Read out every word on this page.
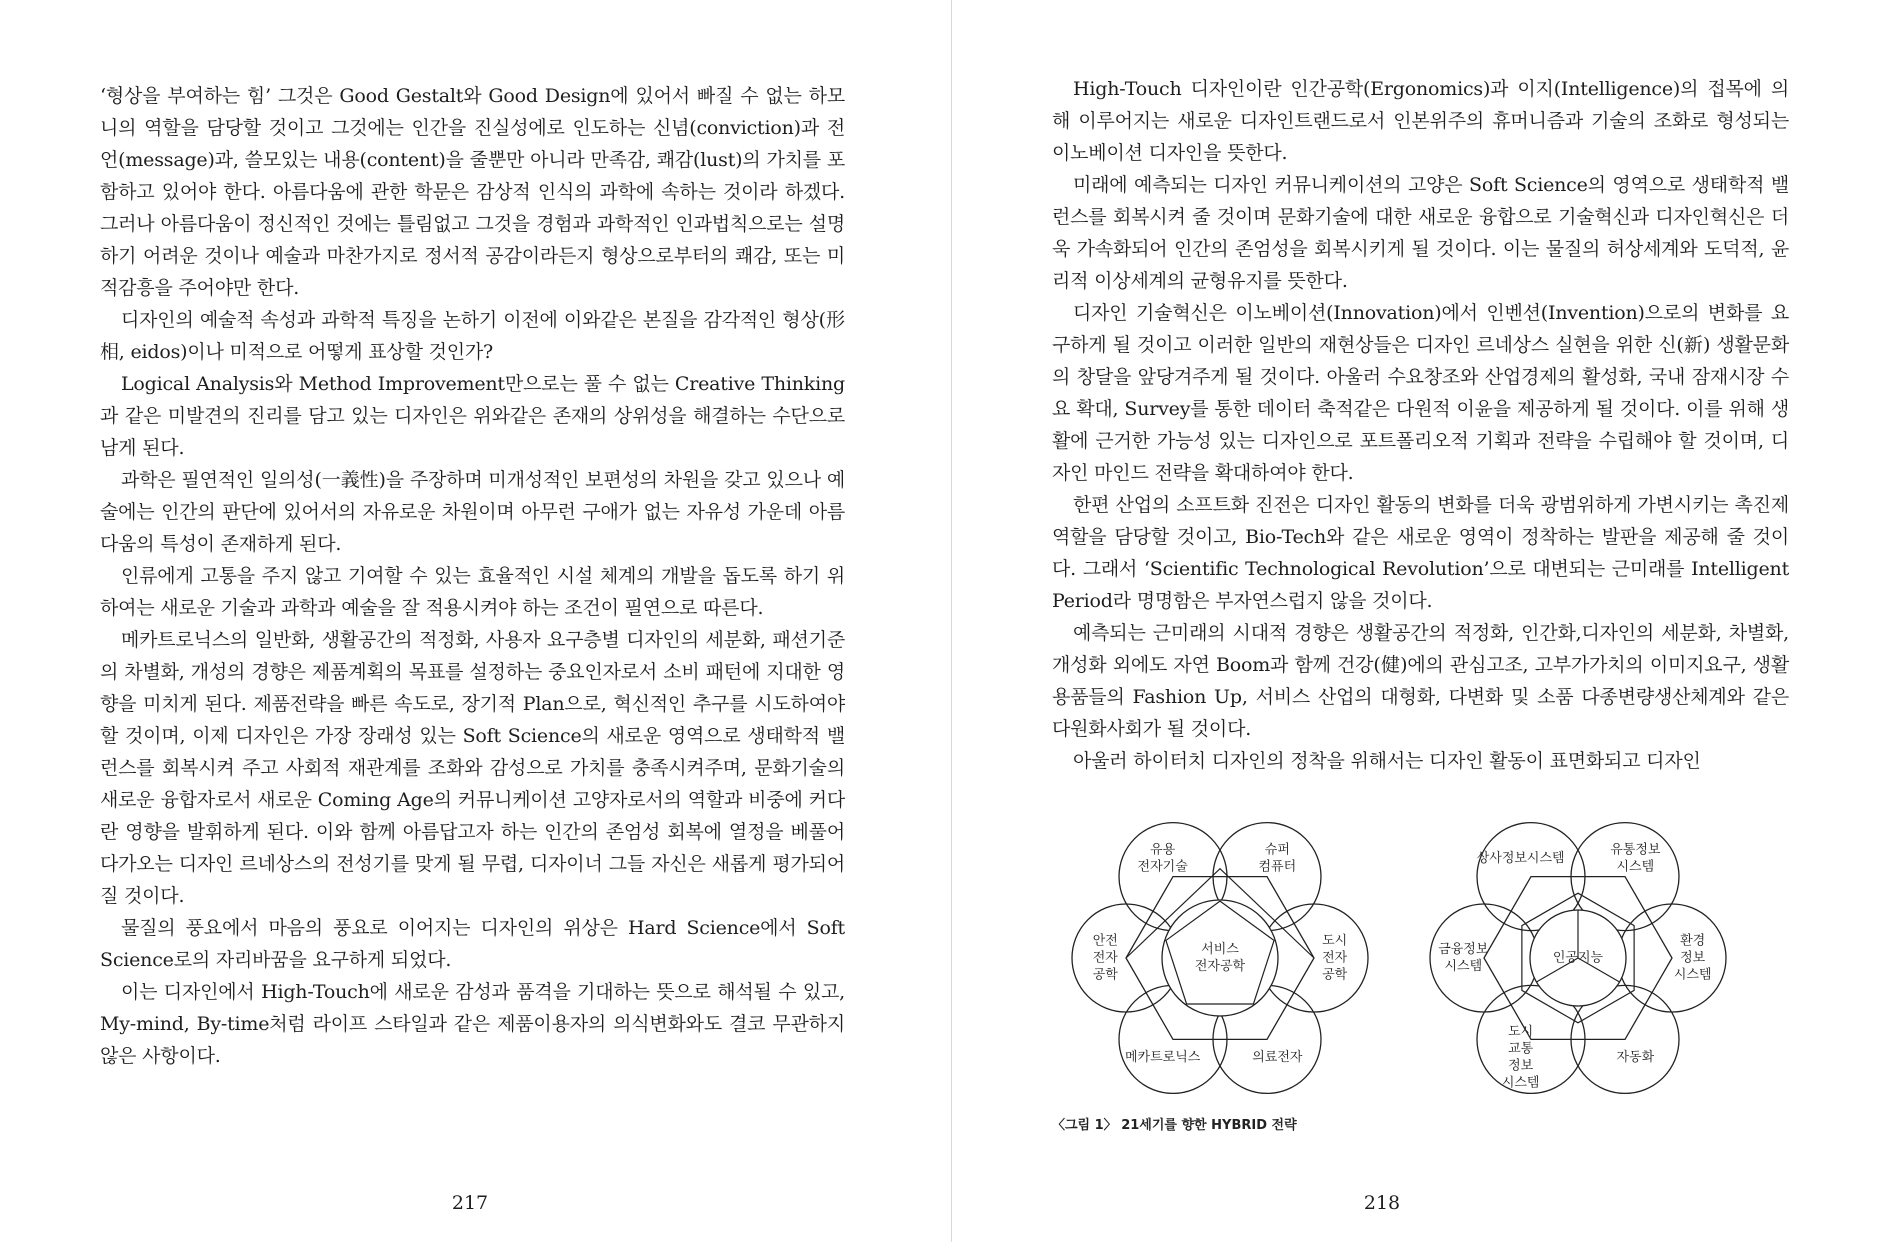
‘형상을 부여하는 힘’ 그것은 Good Gestalt와 Good Design에 있어서 빠질 수 없는 하모니의 역할을 담당할 것이고 그것에는 인간을 진실성에로 인도하는 신념(conviction)과 전언(message)과, 쓸모있는 내용(content)을 줄뿐만 아니라 만족감, 쾌감(lust)의 가치를 포함하고 있어야 한다. 아름다움에 관한 학문은 감상적 인식의 과학에 속하는 것이라 하겠다. 그러나 아름다움이 정신적인 것에는 틀림없고 그것을 경험과 과학적인 인과법칙으로는 설명하기 어려운 것이나 예술과 마찬가지로 정서적 공감이라든지 형상으로부터의 쾌감, 또는 미적감흥을 주어야만 한다.

디자인의 예술적 속성과 과학적 특징을 논하기 이전에 이와같은 본질을 감각적인 형상(形相, eidos)이나 미적으로 어떻게 표상할 것인가?

Logical Analysis와 Method Improvement만으로는 풀 수 없는 Creative Thinking과 같은 미발견의 진리를 담고 있는 디자인은 위와같은 존재의 상위성을 해결하는 수단으로 남게 된다.

과학은 필연적인 일의성(一義性)을 주장하며 미개성적인 보편성의 차원을 갖고 있으나 예술에는 인간의 판단에 있어서의 자유로운 차원이며 아무런 구애가 없는 자유성 가운데 아름다움의 특성이 존재하게 된다.

인류에게 고통을 주지 않고 기여할 수 있는 효율적인 시설 체계의 개발을 돕도록 하기 위하여는 새로운 기술과 과학과 예술을 잘 적용시켜야 하는 조건이 필연으로 따른다.

메카트로닉스의 일반화, 생활공간의 적정화, 사용자 요구층별 디자인의 세분화, 패션기준의 차별화, 개성의 경향은 제품계획의 목표를 설정하는 중요인자로서 소비 패턴에 지대한 영향을 미치게 된다. 제품전략을 빠른 속도로, 장기적 Plan으로, 혁신적인 추구를 시도하여야 할 것이며, 이제 디자인은 가장 장래성 있는 Soft Science의 새로운 영역으로 생태학적 밸런스를 회복시켜 주고 사회적 재관계를 조화와 감성으로 가치를 충족시켜주며, 문화기술의 새로운 융합자로서 새로운 Coming Age의 커뮤니케이션 고양자로서의 역할과 비중에 커다란 영향을 발휘하게 된다. 이와 함께 아름답고자 하는 인간의 존엄성 회복에 열정을 베풀어 다가오는 디자인 르네상스의 전성기를 맞게 될 무렵, 디자이너 그들 자신은 새롭게 평가되어질 것이다.

물질의 풍요에서 마음의 풍요로 이어지는 디자인의 위상은 Hard Science에서 Soft Science로의 자리바꿈을 요구하게 되었다.

이는 디자인에서 High-Touch에 새로운 감성과 품격을 기대하는 뜻으로 해석될 수 있고, My-mind, By-time처럼 라이프 스타일과 같은 제품이용자의 의식변화와도 결코 무관하지 않은 사항이다.

217

High-Touch 디자인이란 인간공학(Ergonomics)과 이지(Intelligence)의 접목에 의해 이루어지는 새로운 디자인트랜드로서 인본위주의 휴머니즘과 기술의 조화로 형성되는 이노베이션 디자인을 뜻한다.

미래에 예측되는 디자인 커뮤니케이션의 고양은 Soft Science의 영역으로 생태학적 밸런스를 회복시켜 줄 것이며 문화기술에 대한 새로운 융합으로 기술혁신과 디자인혁신은 더욱 가속화되어 인간의 존엄성을 회복시키게 될 것이다. 이는 물질의 허상세계와 도덕적, 윤리적 이상세계의 균형유지를 뜻한다.

디자인 기술혁신은 이노베이션(Innovation)에서 인벤션(Invention)으로의 변화를 요구하게 될 것이고 이러한 일반의 재현상들은 디자인 르네상스 실현을 위한 신(新) 생활문화의 창달을 앞당겨주게 될 것이다. 아울러 수요창조와 산업경제의 활성화, 국내 잠재시장 수요 확대, Survey를 통한 데이터 축적같은 다원적 이윤을 제공하게 될 것이다. 이를 위해 생활에 근거한 가능성 있는 디자인으로 포트폴리오적 기획과 전략을 수립해야 할 것이며, 디자인 마인드 전략을 확대하여야 한다.

한편 산업의 소프트화 진전은 디자인 활동의 변화를 더욱 광범위하게 가변시키는 촉진제 역할을 담당할 것이고, Bio-Tech와 같은 새로운 영역이 정착하는 발판을 제공해 줄 것이다. 그래서 ‘Scientific Technological Revolution’으로 대변되는 근미래를 Intelligent Period라 명명함은 부자연스럽지 않을 것이다.

예측되는 근미래의 시대적 경향은 생활공간의 적정화, 인간화,디자인의 세분화, 차별화,개성화 외에도 자연 Boom과 함께 건강(健)에의 관심고조, 고부가가치의 이미지요구, 생활용품들의 Fashion Up, 서비스 산업의 대형화, 다변화 및 소품 다종변량생산체계와 같은 다원화사회가 될 것이다.

아울러 하이터치 디자인의 정착을 위해서는 디자인 활동이 표면화되고 디자인

유용
전자기술
슈퍼
컴퓨터
도시
전자
공학
의료전자
메카트로닉스
안전
전자
공학
서비스
전자공학
상사정보시스템
유통정보
시스템
환경
정보
시스템
자동화
도시
교통
정보
시스템
금융정보
시스템
인공지능
〈그림 1〉 21세기를 향한 HYBRID 전략
218
